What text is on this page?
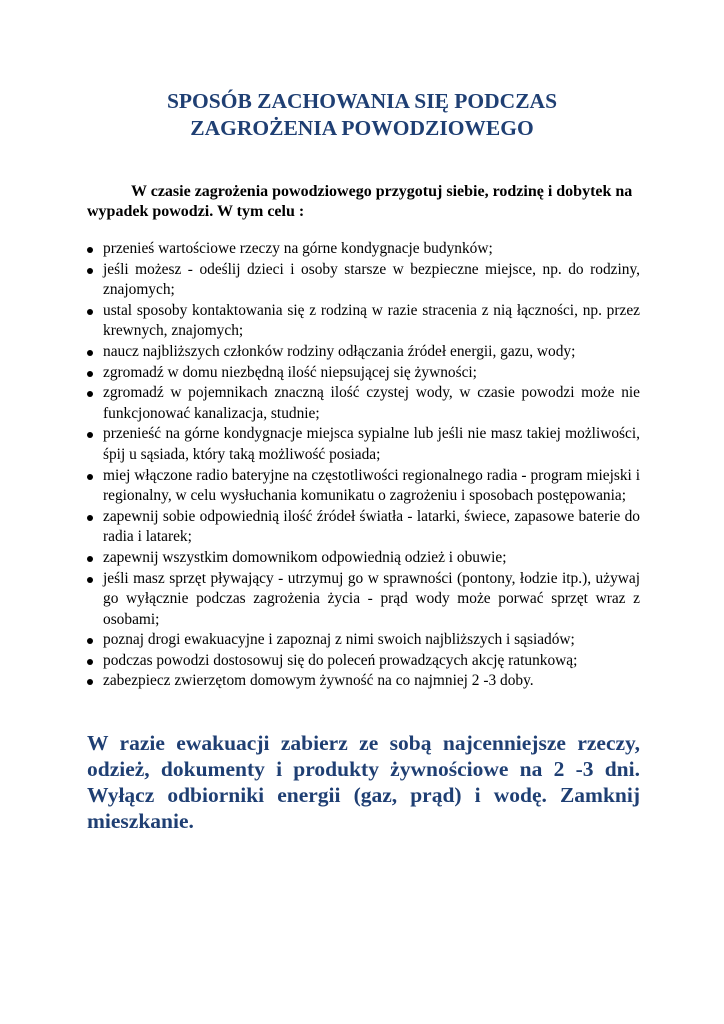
SPOSÓB ZACHOWANIA SIĘ PODCZAS
ZAGROŻENIA POWODZIOWEGO

W czasie zagrożenia powodziowego przygotuj siebie, rodzinę i dobytek na wypadek powodzi. W tym celu :

przenieś wartościowe rzeczy na górne kondygnacje budynków;
jeśli możesz - odeślij dzieci i osoby starsze w bezpieczne miejsce, np. do rodziny, znajomych;
ustal sposoby kontaktowania się z rodziną w razie stracenia z nią łączności, np. przez krewnych, znajomych;
naucz najbliższych członków rodziny odłączania źródeł energii, gazu, wody;
zgromadź w domu niezbędną ilość niepsującej się żywności;
zgromadź w pojemnikach znaczną ilość czystej wody, w czasie powodzi może nie funkcjonować kanalizacja, studnie;
przenieść na górne kondygnacje miejsca sypialne lub jeśli nie masz takiej możliwości, śpij u sąsiada, który taką możliwość posiada;
miej włączone radio bateryjne na częstotliwości regionalnego radia - program miejski i regionalny, w celu wysłuchania komunikatu o zagrożeniu i sposobach postępowania;
zapewnij sobie odpowiednią ilość źródeł światła - latarki, świece, zapasowe baterie do radia i latarek;
zapewnij wszystkim domownikom odpowiednią odzież i obuwie;
jeśli masz sprzęt pływający - utrzymuj go w sprawności (pontony, łodzie itp.), używaj go wyłącznie podczas zagrożenia życia - prąd wody może porwać sprzęt wraz z osobami;
poznaj drogi ewakuacyjne i zapoznaj z nimi swoich najbliższych i sąsiadów;
podczas powodzi dostosowuj się do poleceń prowadzących akcję ratunkową;
zabezpiecz zwierzętom domowym żywność na co najmniej 2 -3 doby.

W razie ewakuacji zabierz ze sobą najcenniejsze rzeczy, odzież, dokumenty i produkty żywnościowe na 2 -3 dni. Wyłącz odbiorniki energii (gaz, prąd) i wodę. Zamknij mieszkanie.
